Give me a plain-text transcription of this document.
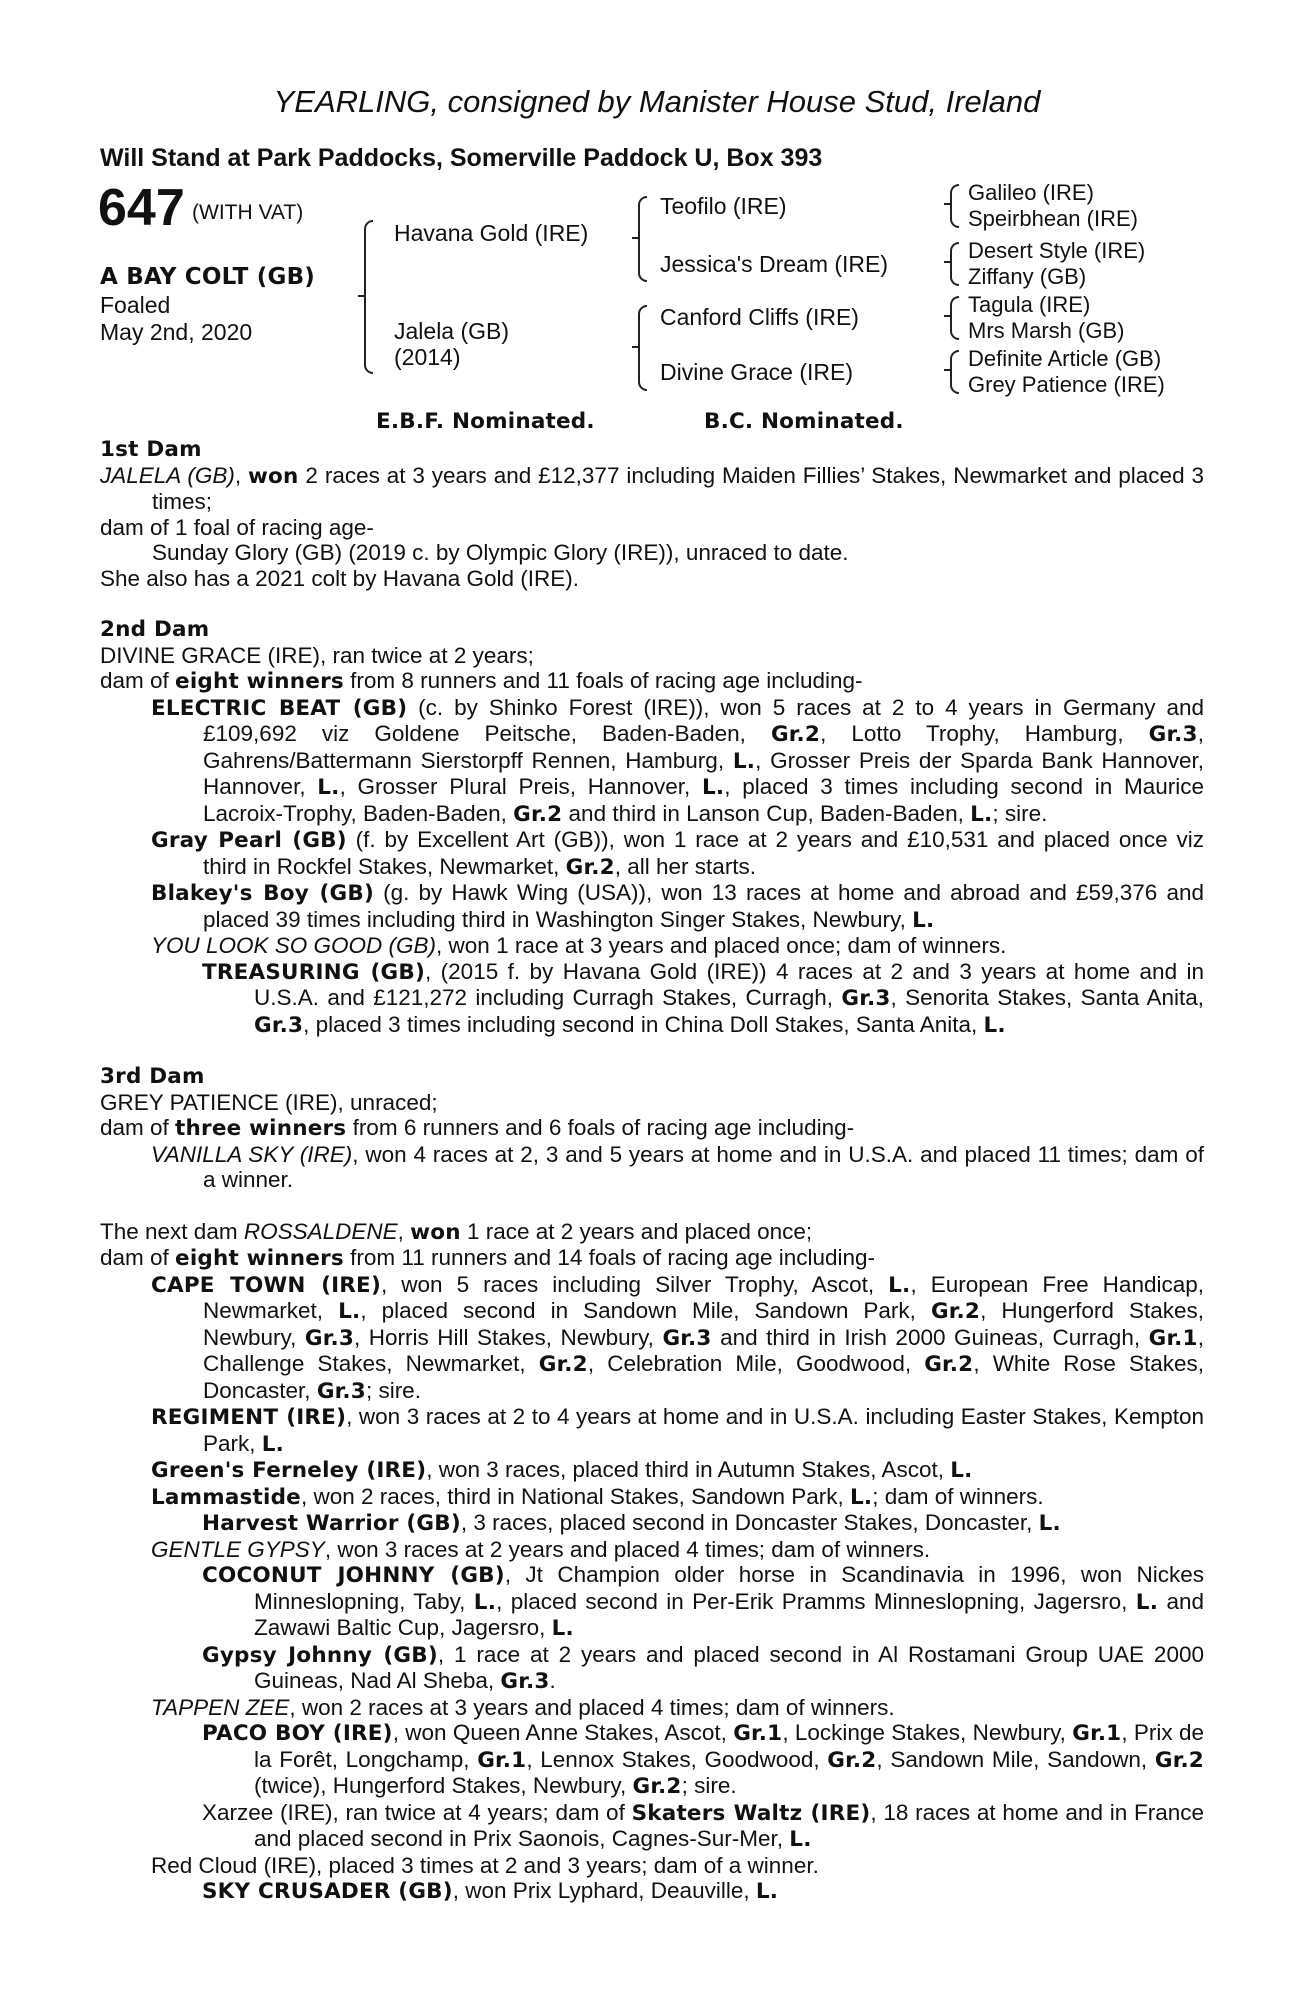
YEARLING, consigned by Manister House Stud, Ireland
Will Stand at Park Paddocks, Somerville Paddock U, Box 393
647 (WITH VAT)
A BAY COLT (GB)
Foaled
May 2nd, 2020
Havana Gold (IRE)
Jalela (GB)
(2014)
Teofilo (IRE)
Jessica's Dream (IRE)
Canford Cliffs (IRE)
Divine Grace (IRE)
Galileo (IRE)
Speirbhean (IRE)
Desert Style (IRE)
Ziffany (GB)
Tagula (IRE)
Mrs Marsh (GB)
Definite Article (GB)
Grey Patience (IRE)
E.B.F. Nominated.	B.C. Nominated.
1st Dam
JALELA (GB), won 2 races at 3 years and £12,377 including Maiden Fillies’ Stakes, Newmarket and placed 3 times;
dam of 1 foal of racing age-
Sunday Glory (GB) (2019 c. by Olympic Glory (IRE)), unraced to date.
She also has a 2021 colt by Havana Gold (IRE).
2nd Dam
DIVINE GRACE (IRE), ran twice at 2 years;
dam of eight winners from 8 runners and 11 foals of racing age including-
ELECTRIC BEAT (GB) (c. by Shinko Forest (IRE)), won 5 races at 2 to 4 years in Germany and £109,692 viz Goldene Peitsche, Baden-Baden, Gr.2, Lotto Trophy, Hamburg, Gr.3, Gahrens/Battermann Sierstorpff Rennen, Hamburg, L., Grosser Preis der Sparda Bank Hannover, Hannover, L., Grosser Plural Preis, Hannover, L., placed 3 times including second in Maurice Lacroix-Trophy, Baden-Baden, Gr.2 and third in Lanson Cup, Baden-Baden, L.; sire.
Gray Pearl (GB) (f. by Excellent Art (GB)), won 1 race at 2 years and £10,531 and placed once viz third in Rockfel Stakes, Newmarket, Gr.2, all her starts.
Blakey's Boy (GB) (g. by Hawk Wing (USA)), won 13 races at home and abroad and £59,376 and placed 39 times including third in Washington Singer Stakes, Newbury, L.
YOU LOOK SO GOOD (GB), won 1 race at 3 years and placed once; dam of winners.
TREASURING (GB), (2015 f. by Havana Gold (IRE)) 4 races at 2 and 3 years at home and in U.S.A. and £121,272 including Curragh Stakes, Curragh, Gr.3, Senorita Stakes, Santa Anita, Gr.3, placed 3 times including second in China Doll Stakes, Santa Anita, L.
3rd Dam
GREY PATIENCE (IRE), unraced;
dam of three winners from 6 runners and 6 foals of racing age including-
VANILLA SKY (IRE), won 4 races at 2, 3 and 5 years at home and in U.S.A. and placed 11 times; dam of a winner.
The next dam ROSSALDENE, won 1 race at 2 years and placed once;
dam of eight winners from 11 runners and 14 foals of racing age including-
CAPE TOWN (IRE), won 5 races including Silver Trophy, Ascot, L., European Free Handicap, Newmarket, L., placed second in Sandown Mile, Sandown Park, Gr.2, Hungerford Stakes, Newbury, Gr.3, Horris Hill Stakes, Newbury, Gr.3 and third in Irish 2000 Guineas, Curragh, Gr.1, Challenge Stakes, Newmarket, Gr.2, Celebration Mile, Goodwood, Gr.2, White Rose Stakes, Doncaster, Gr.3; sire.
REGIMENT (IRE), won 3 races at 2 to 4 years at home and in U.S.A. including Easter Stakes, Kempton Park, L.
Green's Ferneley (IRE), won 3 races, placed third in Autumn Stakes, Ascot, L.
Lammastide, won 2 races, third in National Stakes, Sandown Park, L.; dam of winners.
Harvest Warrior (GB), 3 races, placed second in Doncaster Stakes, Doncaster, L.
GENTLE GYPSY, won 3 races at 2 years and placed 4 times; dam of winners.
COCONUT JOHNNY (GB), Jt Champion older horse in Scandinavia in 1996, won Nickes Minneslopning, Taby, L., placed second in Per-Erik Pramms Minneslopning, Jagersro, L. and Zawawi Baltic Cup, Jagersro, L.
Gypsy Johnny (GB), 1 race at 2 years and placed second in Al Rostamani Group UAE 2000 Guineas, Nad Al Sheba, Gr.3.
TAPPEN ZEE, won 2 races at 3 years and placed 4 times; dam of winners.
PACO BOY (IRE), won Queen Anne Stakes, Ascot, Gr.1, Lockinge Stakes, Newbury, Gr.1, Prix de la Forêt, Longchamp, Gr.1, Lennox Stakes, Goodwood, Gr.2, Sandown Mile, Sandown, Gr.2 (twice), Hungerford Stakes, Newbury, Gr.2; sire.
Xarzee (IRE), ran twice at 4 years; dam of Skaters Waltz (IRE), 18 races at home and in France and placed second in Prix Saonois, Cagnes-Sur-Mer, L.
Red Cloud (IRE), placed 3 times at 2 and 3 years; dam of a winner.
SKY CRUSADER (GB), won Prix Lyphard, Deauville, L.
